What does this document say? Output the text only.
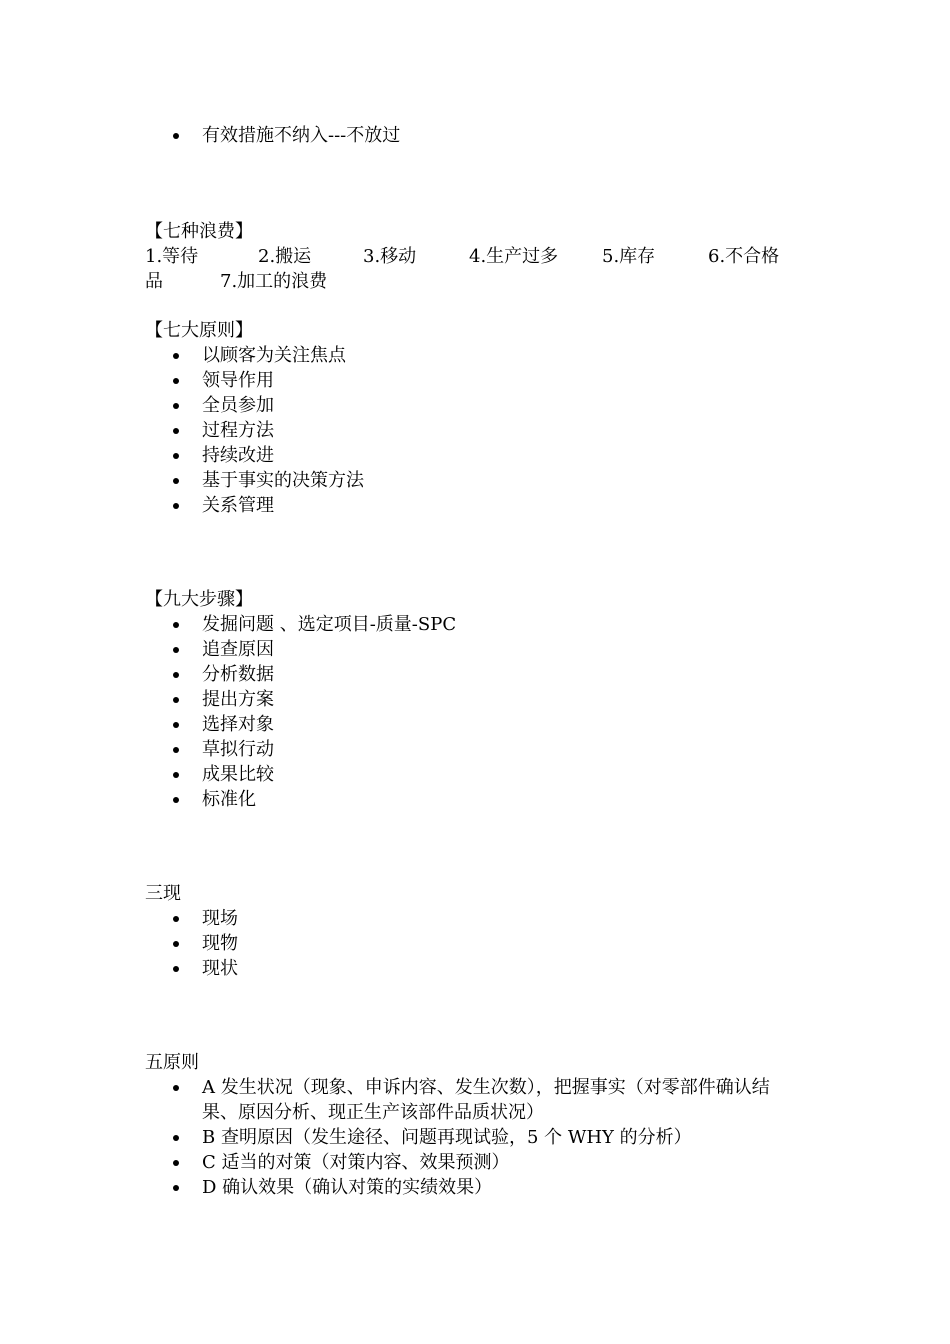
有效措施不纳入---不放过
【七种浪费】
1.等待	2.搬运	3.移动	4.生产过多 5.库存	6.不合格
品	7.加工的浪费
【七大原则】
以顾客为关注焦点
领导作用
全员参加
过程方法
持续改进
基于事实的决策方法
关系管理
【九大步骤】
发掘问题 、选定项目-质量-SPC
追查原因
分析数据
提出方案
选择对象
草拟行动
成果比较
标准化
三现
现场
现物
现状
五原则
A 发生状况（现象、申诉内容、发生次数），把握事实（对零部件确认结果、原因分析、现正生产该部件品质状况）
B 查明原因（发生途径、问题再现试验，5 个 WHY 的分析）
C 适当的对策（对策内容、效果预测）
D 确认效果（确认对策的实绩效果）
